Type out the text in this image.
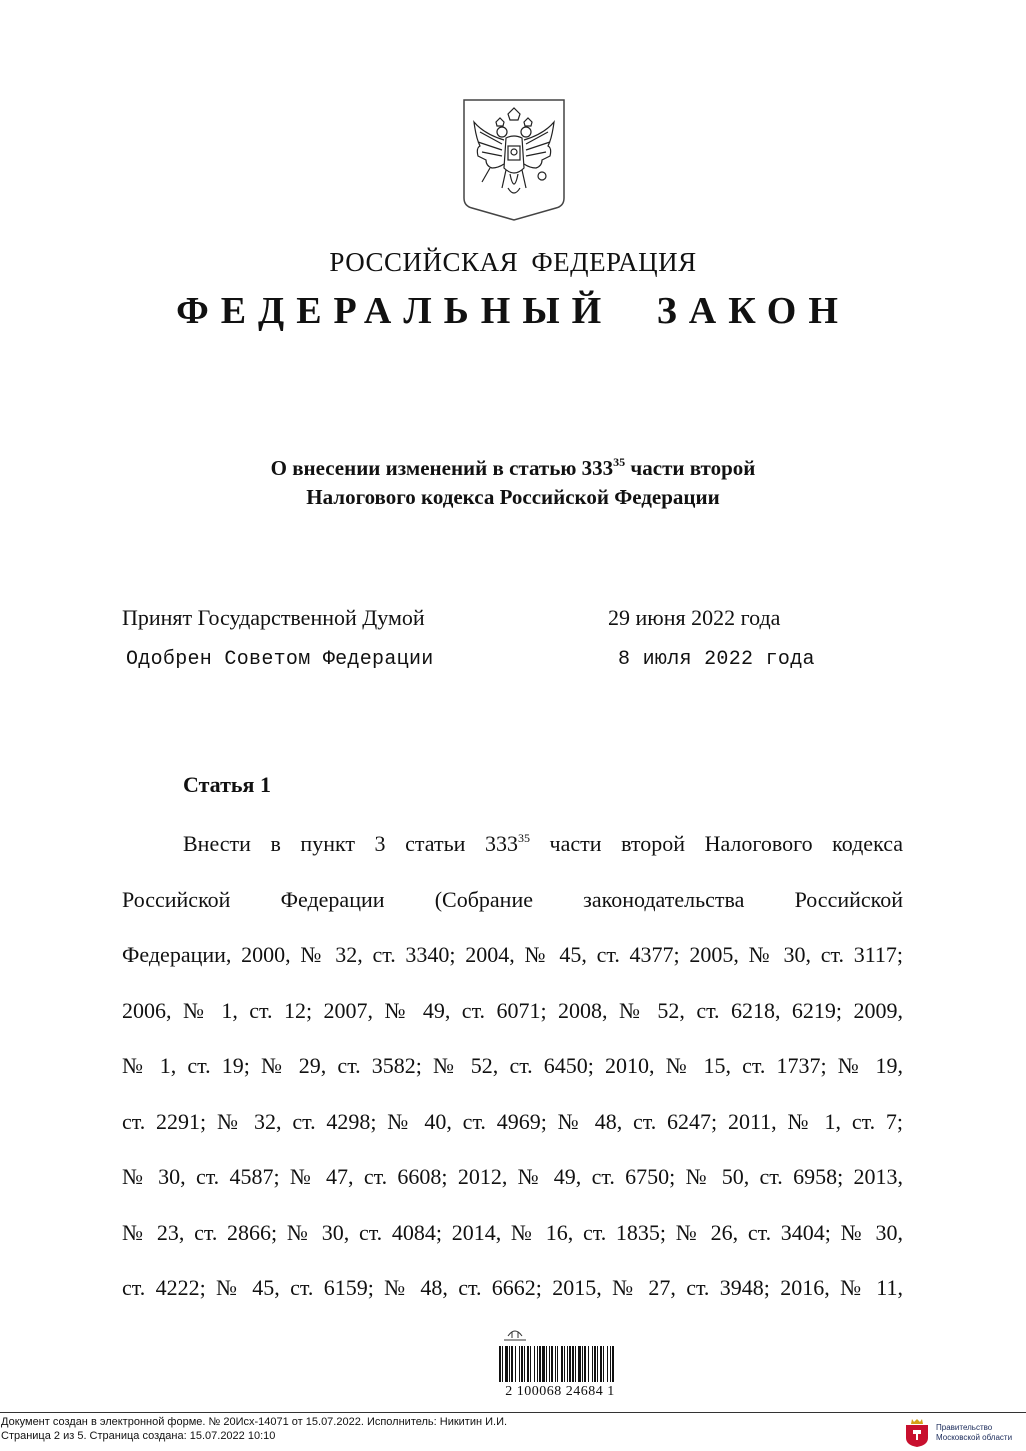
РОССИЙСКАЯ ФЕДЕРАЦИЯ
ФЕДЕРАЛЬНЫЙ ЗАКОН
О внесении изменений в статью $333^{35}$ части второй
Налогового кодекса Российской Федерации
Принят Государственной Думой	29 июня 2022 года
Одобрен Советом Федерации	8 июля 2022 года
Статья 1
Внести в пункт 3 статьи $333^{35}$ части второй Налогового кодекса
Российской Федерации (Собрание законодательства Российской
Федерации, 2000, № 32, ст. 3340; 2004, № 45, ст. 4377; 2005, № 30, ст. 3117;
2006, № 1, ст. 12; 2007, № 49, ст. 6071; 2008, № 52, ст. 6218, 6219; 2009,
№ 1, ст. 19; № 29, ст. 3582; № 52, ст. 6450; 2010, № 15, ст. 1737; № 19,
ст. 2291; № 32, ст. 4298; № 40, ст. 4969; № 48, ст. 6247; 2011, № 1, ст. 7;
№ 30, ст. 4587; № 47, ст. 6608; 2012, № 49, ст. 6750; № 50, ст. 6958; 2013,
№ 23, ст. 2866; № 30, ст. 4084; 2014, № 16, ст. 1835; № 26, ст. 3404; № 30,
ст. 4222; № 45, ст. 6159; № 48, ст. 6662; 2015, № 27, ст. 3948; 2016, № 11,
2 100068 24684 1
Документ создан в электронной форме. № 20Исх-14071 от 15.07.2022. Исполнитель: Никитин И.И.
Страница 2 из 5. Страница создана: 15.07.2022 10:10
Правительство
Московской области
